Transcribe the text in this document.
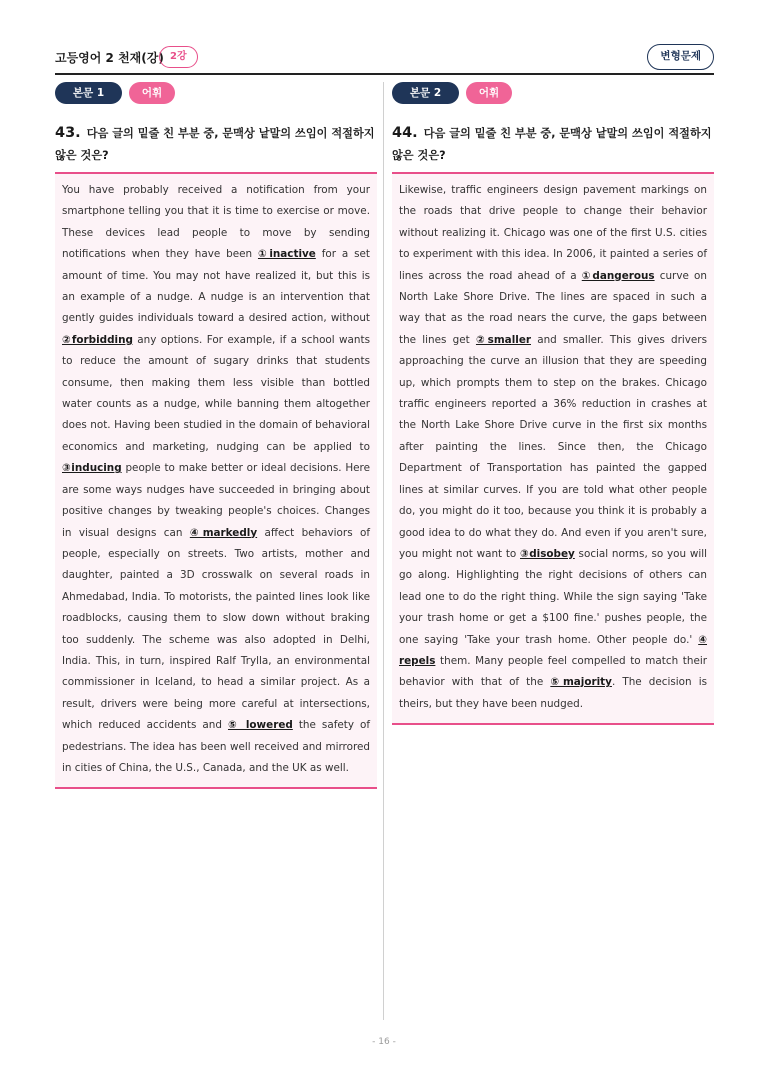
고등영어 2 천재(강) 2강	변형문제
본문 1	어휘
43. 다음 글의 밑줄 친 부분 중, 문맥상 낱말의 쓰임이 적절하지 않은 것은?
You have probably received a notification from your smartphone telling you that it is time to exercise or move. These devices lead people to move by sending notifications when they have been ①inactive for a set amount of time. You may not have realized it, but this is an example of a nudge. A nudge is an intervention that gently guides individuals toward a desired action, without ②forbidding any options. For example, if a school wants to reduce the amount of sugary drinks that students consume, then making them less visible than bottled water counts as a nudge, while banning them altogether does not. Having been studied in the domain of behavioral economics and marketing, nudging can be applied to ③inducing people to make better or ideal decisions. Here are some ways nudges have succeeded in bringing about positive changes by tweaking people's choices. Changes in visual designs can ④markedly affect behaviors of people, especially on streets. Two artists, mother and daughter, painted a 3D crosswalk on several roads in Ahmedabad, India. To motorists, the painted lines look like roadblocks, causing them to slow down without braking too suddenly. The scheme was also adopted in Delhi, India. This, in turn, inspired Ralf Trylla, an environmental commissioner in Iceland, to head a similar project. As a result, drivers were being more careful at intersections, which reduced accidents and ⑤ lowered the safety of pedestrians. The idea has been well received and mirrored in cities of China, the U.S., Canada, and the UK as well.
본문 2	어휘
44. 다음 글의 밑줄 친 부분 중, 문맥상 낱말의 쓰임이 적절하지 않은 것은?
Likewise, traffic engineers design pavement markings on the roads that drive people to change their behavior without realizing it. Chicago was one of the first U.S. cities to experiment with this idea. In 2006, it painted a series of lines across the road ahead of a ①dangerous curve on North Lake Shore Drive. The lines are spaced in such a way that as the road nears the curve, the gaps between the lines get ②smaller and smaller. This gives drivers approaching the curve an illusion that they are speeding up, which prompts them to step on the brakes. Chicago traffic engineers reported a 36% reduction in crashes at the North Lake Shore Drive curve in the first six months after painting the lines. Since then, the Chicago Department of Transportation has painted the gapped lines at similar curves. If you are told what other people do, you might do it too, because you think it is probably a good idea to do what they do. And even if you aren't sure, you might not want to ③disobey social norms, so you will go along. Highlighting the right decisions of others can lead one to do the right thing. While the sign saying 'Take your trash home or get a $100 fine.' pushes people, the one saying 'Take your trash home. Other people do.' ④ repels them. Many people feel compelled to match their behavior with that of the ⑤majority. The decision is theirs, but they have been nudged.
- 16 -
